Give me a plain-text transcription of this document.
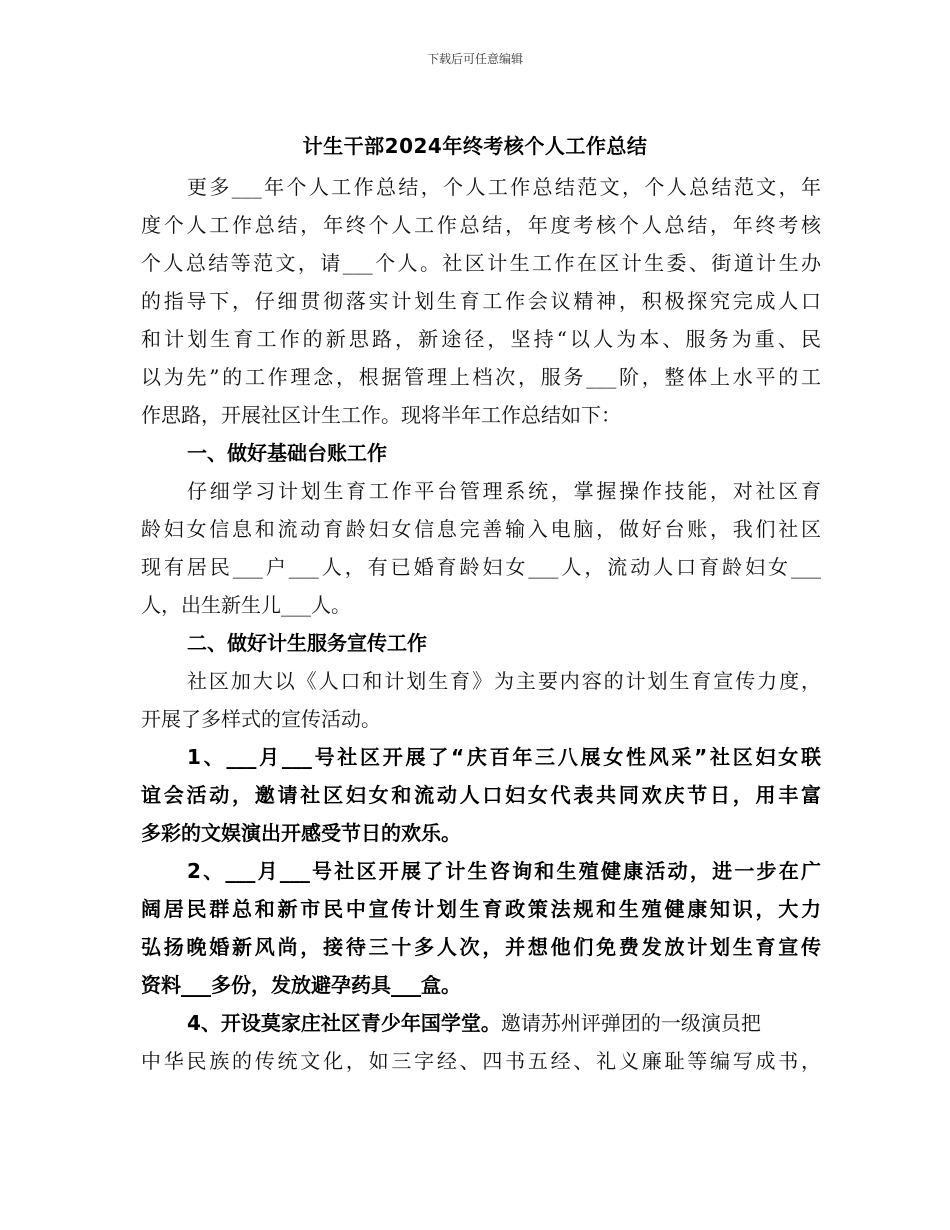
下载后可任意编辑
计生干部2024年终考核个人工作总结
更多___年个人工作总结，个人工作总结范文，个人总结范文，年
度个人工作总结，年终个人工作总结，年度考核个人总结，年终考核
个人总结等范文，请___个人。社区计生工作在区计生委、街道计生办
的指导下，仔细贯彻落实计划生育工作会议精神，积极探究完成人口
和计划生育工作的新思路，新途径，坚持“以人为本、服务为重、民
以为先”的工作理念，根据管理上档次，服务___阶，整体上水平的工
作思路，开展社区计生工作。现将半年工作总结如下：
一、做好基础台账工作
仔细学习计划生育工作平台管理系统，掌握操作技能，对社区育
龄妇女信息和流动育龄妇女信息完善输入电脑，做好台账，我们社区
现有居民___户___人，有已婚育龄妇女___人，流动人口育龄妇女___
人，出生新生儿___人。
二、做好计生服务宣传工作
社区加大以《人口和计划生育》为主要内容的计划生育宣传力度，
开展了多样式的宣传活动。
1、___月___号社区开展了“庆百年三八展女性风采”社区妇女联
谊会活动，邀请社区妇女和流动人口妇女代表共同欢庆节日，用丰富
多彩的文娱演出开感受节日的欢乐。
2、___月___号社区开展了计生咨询和生殖健康活动，进一步在广
阔居民群总和新市民中宣传计划生育政策法规和生殖健康知识，大力
弘扬晚婚新风尚，接待三十多人次，并想他们免费发放计划生育宣传
资料___多份，发放避孕药具___盒。
4、开设莫家庄社区青少年国学堂。邀请苏州评弹团的一级演员把
中华民族的传统文化，如三字经、四书五经、礼义廉耻等编写成书，
